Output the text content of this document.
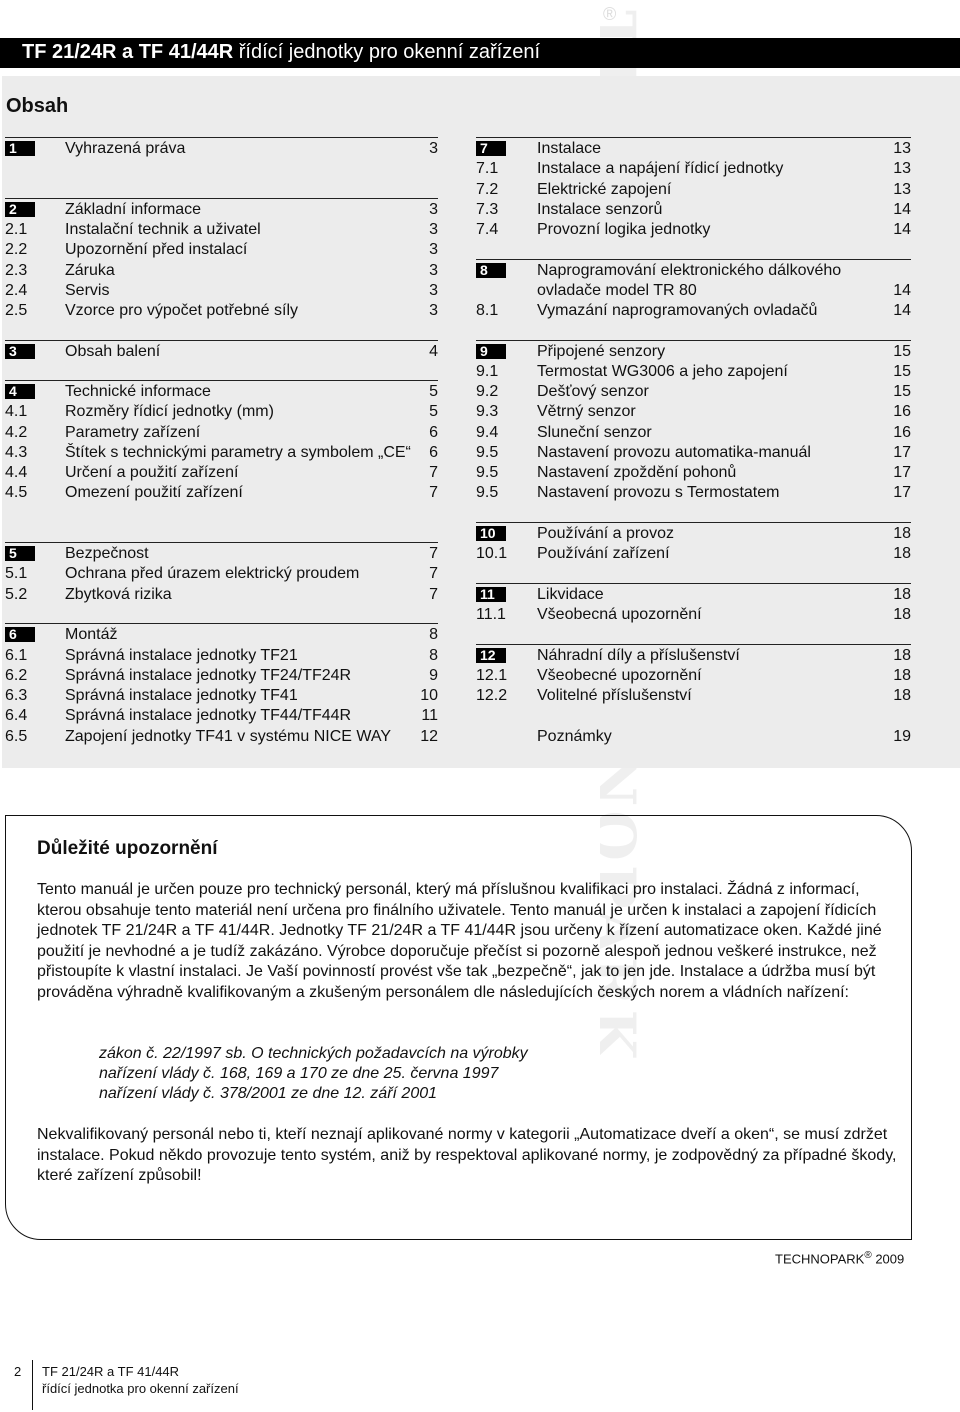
®
TF 21/24R a TF 41/44R řídící jednotky pro okenní zařízení
Obsah
1	Vyhrazená práva	3
2	Základní informace	3
2.1 Instalační technik a uživatel	3
2.2 Upozornění před instalací	3
2.3 Záruka	3
2.4 Servis	3
2.5 Vzorce pro výpočet potřebné síly	3
3	Obsah balení	4
4	Technické informace	5
4.1 Rozměry řídicí jednotky (mm)	5
4.2 Parametry zařízení	6
4.3 Štítek s technickými parametry a symbolem „CE“ 6
4.4 Určení a použití zařízení	7
4.5 Omezení použití zařízení	7
5	Bezpečnost	7
5.1 Ochrana před úrazem elektrický proudem	7
5.2 Zbytková rizika	7
6	Montáž	8
6.1 Správná instalace jednotky TF21	8
6.2 Správná instalace jednotky TF24/TF24R	9
6.3 Správná instalace jednotky TF41	10
6.4 Správná instalace jednotky TF44/TF44R	11
6.5 Zapojení jednotky TF41 v systému NICE WAY 12
7	Instalace	13
7.1 Instalace a napájení řídicí jednotky	13
7.2 Elektrické zapojení	13
7.3 Instalace senzorů	14
7.4 Provozní logika jednotky	14
8	Naprogramování elektronického dálkového
ovladače model TR 80	14
8.1 Vymazání naprogramovaných ovladačů	14
9	Připojené senzory	15
9.1 Termostat WG3006 a jeho zapojení	15
9.2 Dešťový senzor	15
9.3 Větrný senzor	16
9.4 Sluneční senzor	16
9.5 Nastavení provozu automatika-manuál	17
9.5 Nastavení zpoždění pohonů	17
9.5 Nastavení provozu s Termostatem	17
10	Používání a provoz	18
10.1 Používání zařízení	18
11	Likvidace	18
11.1 Všeobecná upozornění	18
12	Náhradní díly a příslušenství	18
12.1 Všeobecné upozornění	18
12.2 Volitelné příslušenství	18
Poznámky	19
Důležité upozornění
Tento manuál je určen pouze pro technický personál, který má příslušnou kvalifikaci pro instalaci. Žádná z informací, kterou obsahuje tento materiál není určena pro finálního uživatele. Tento manuál je určen k instalaci a zapojení řídicích jednotek TF 21/24R a TF 41/44R. Jednotky TF 21/24R a TF 41/44R jsou určeny k řízení automatizace oken. Každé jiné použití je nevhodné a je tudíž zakázáno. Výrobce doporučuje přečíst si pozorně alespoň jednou veškeré instrukce, než přistoupíte k vlastní instalaci. Je Vaší povinností provést vše tak „bezpečně“, jak to jen jde. Instalace a údržba musí být prováděna výhradně kvalifikovaným a zkušeným personálem dle následujících českých norem a vládních nařízení:
zákon č. 22/1997 sb. O technických požadavcích na výrobky
nařízení vlády č. 168, 169 a 170 ze dne 25. června 1997
nařízení vlády č. 378/2001 ze dne 12. září 2001
Nekvalifikovaný personál nebo ti, kteří neznají aplikované normy v kategorii „Automatizace dveří a oken“, se musí zdržet instalace. Pokud někdo provozuje tento systém, aniž by respektoval aplikované normy, je zodpovědný za případné škody, které zařízení způsobil!
TECHNOPARK® 2009
2 TF 21/24R a TF 41/44R
řídící jednotka pro okenní zařízení
